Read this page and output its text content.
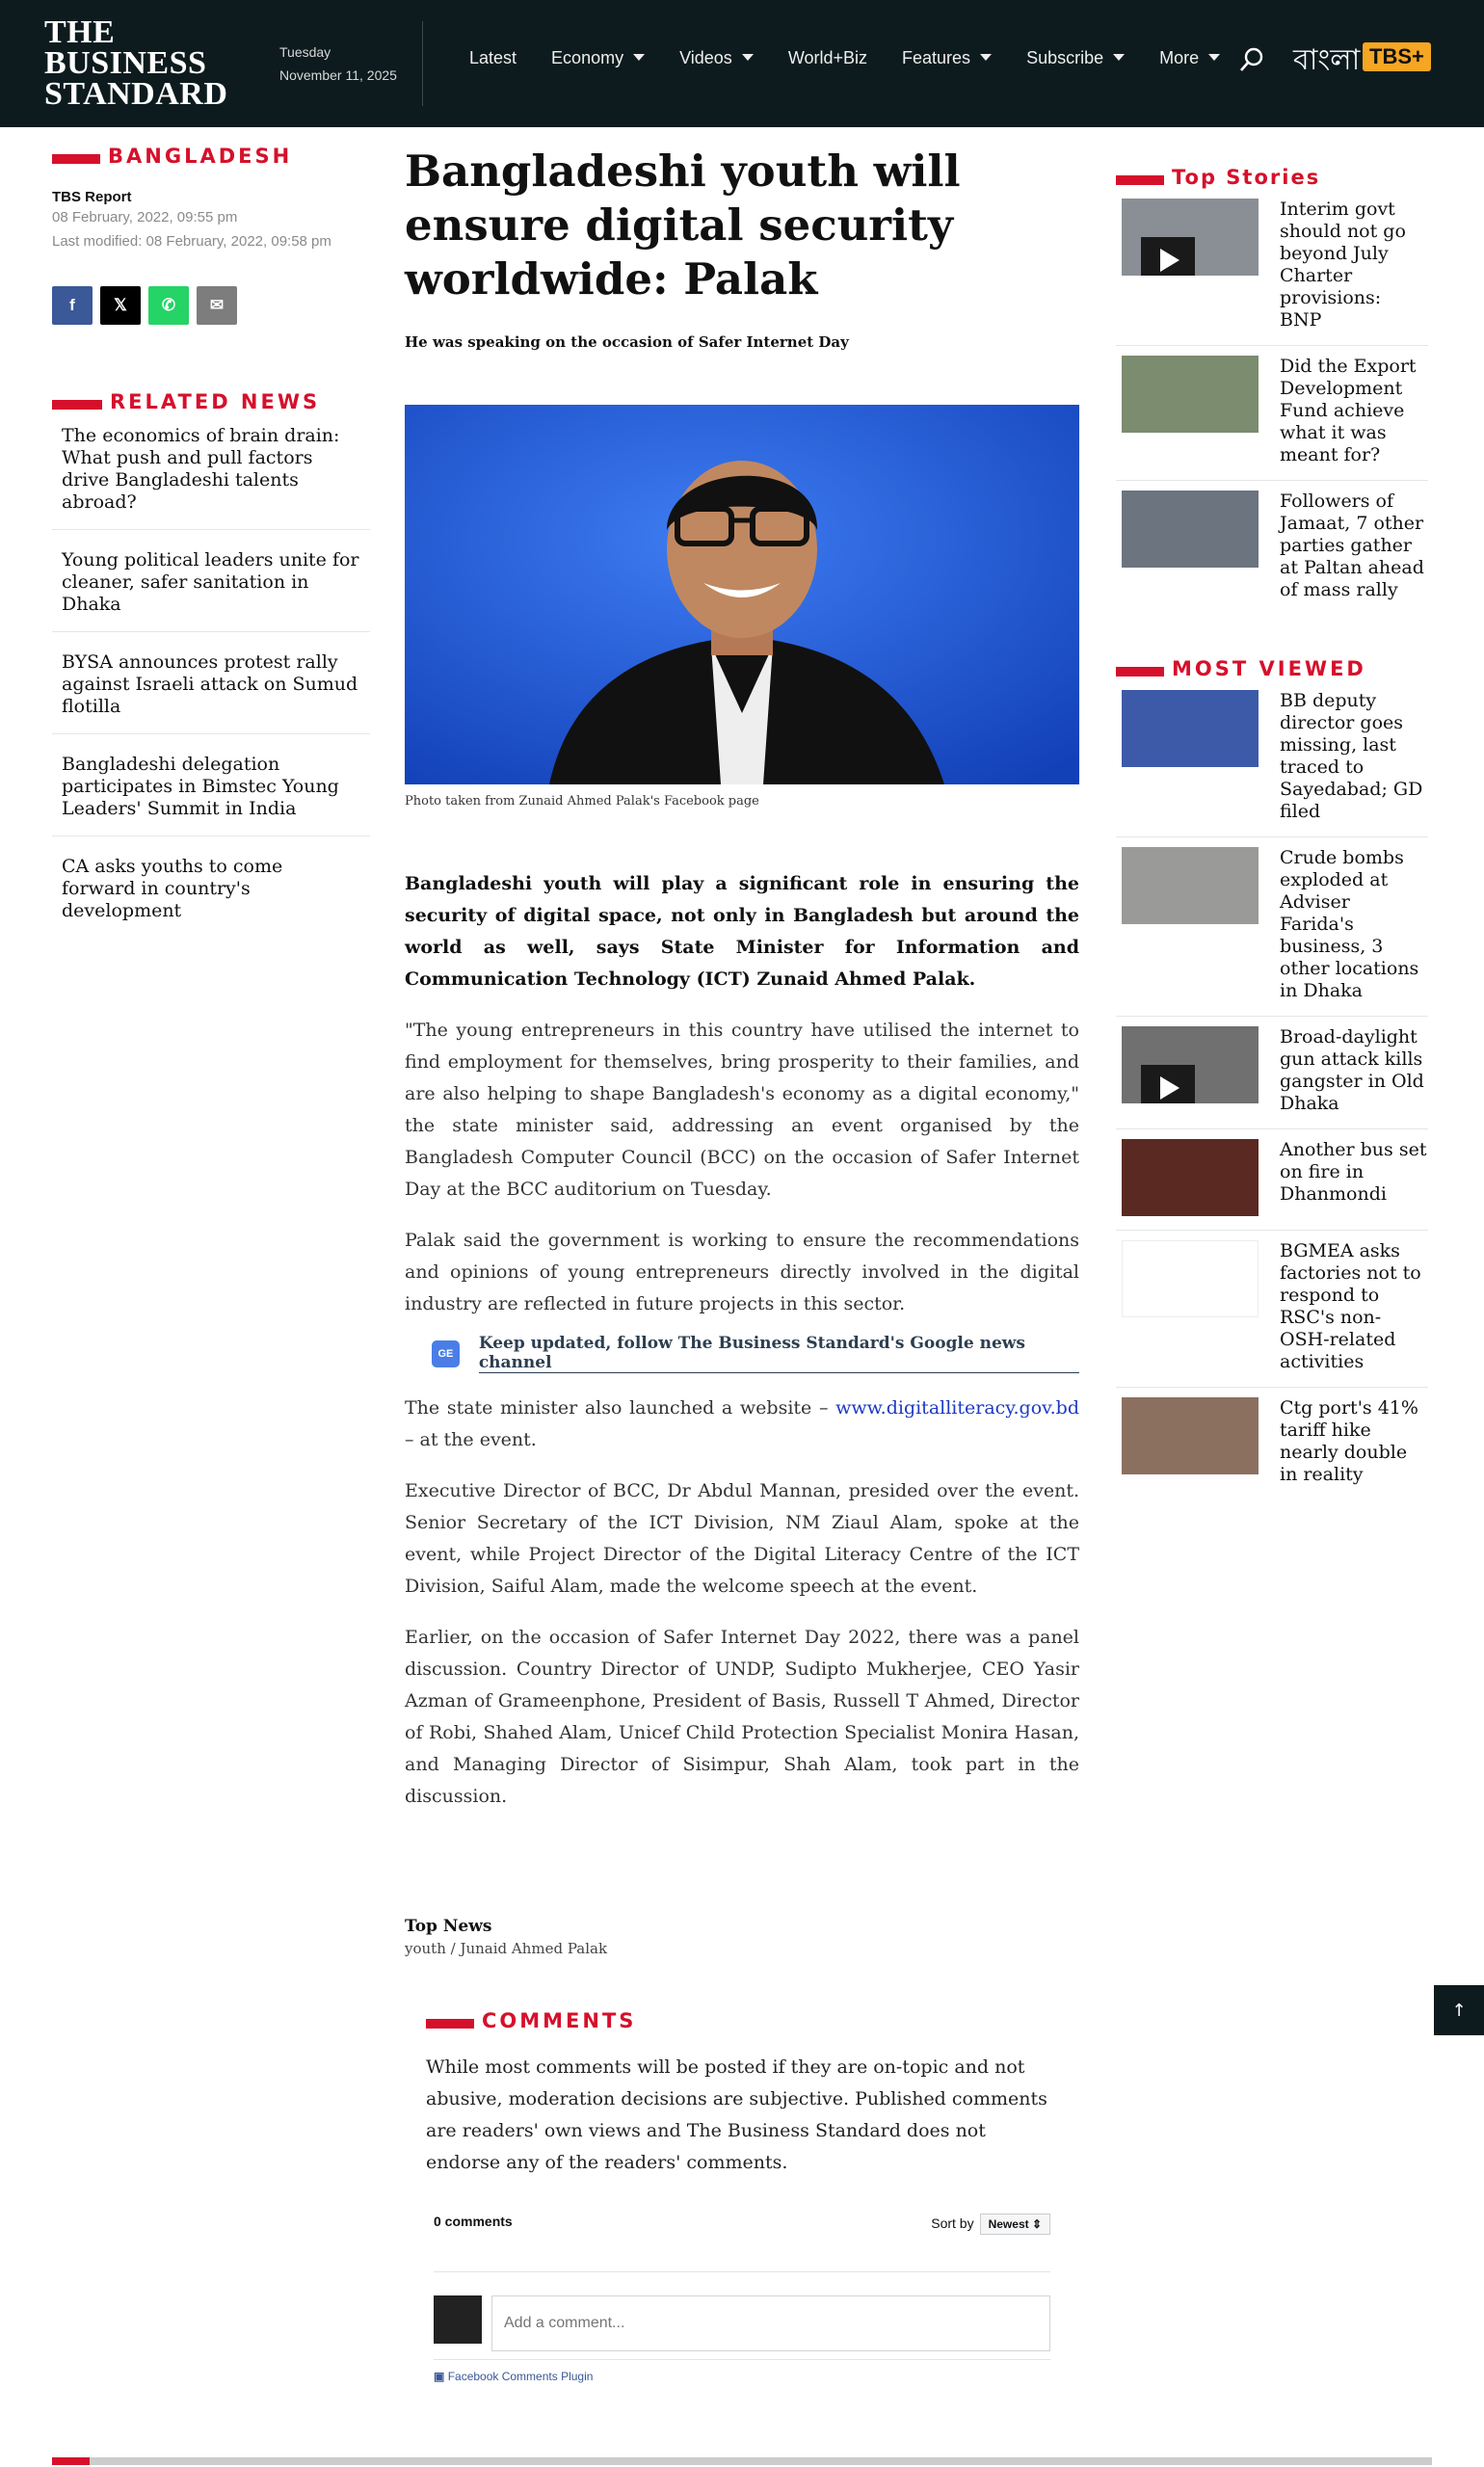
THE
BUSINESS
STANDARD
Tuesday
November 11, 2025
Latest Economy	Videos	World+Biz Features	Subscribe	More	বাংলা TBS+
BANGLADESH
TBS Report
08 February, 2022, 09:55 pm
Last modified: 08 February, 2022, 09:58 pm
f	𝕏	✆	✉
RELATED NEWS
The economics of brain drain: What push and pull factors drive Bangladeshi talents abroad?
Young political leaders unite for cleaner, safer sanitation in Dhaka
BYSA announces protest rally against Israeli attack on Sumud flotilla
Bangladeshi delegation participates in Bimstec Young Leaders' Summit in India
CA asks youths to come forward in country's development
Bangladeshi youth will ensure digital security worldwide: Palak
He was speaking on the occasion of Safer Internet Day
Photo taken from Zunaid Ahmed Palak's Facebook page
Bangladeshi youth will play a significant role in ensuring the security of digital space, not only in Bangladesh but around the world as well, says State Minister for Information and Communication Technology (ICT) Zunaid Ahmed Palak.
"The young entrepreneurs in this country have utilised the internet to find employment for themselves, bring prosperity to their families, and are also helping to shape Bangladesh's economy as a digital economy," the state minister said, addressing an event organised by the Bangladesh Computer Council (BCC) on the occasion of Safer Internet Day at the BCC auditorium on Tuesday.
Palak said the government is working to ensure the recommendations and opinions of young entrepreneurs directly involved in the digital industry are reflected in future projects in this sector.
GE
Keep updated, follow The Business Standard's Google news channel
The state minister also launched a website – www.digitalliteracy.gov.bd – at the event.
Executive Director of BCC, Dr Abdul Mannan, presided over the event. Senior Secretary of the ICT Division, NM Ziaul Alam, spoke at the event, while Project Director of the Digital Literacy Centre of the ICT Division, Saiful Alam, made the welcome speech at the event.
Earlier, on the occasion of Safer Internet Day 2022, there was a panel discussion. Country Director of UNDP, Sudipto Mukherjee, CEO Yasir Azman of Grameenphone, President of Basis, Russell T Ahmed, Director of Robi, Shahed Alam, Unicef Child Protection Specialist Monira Hasan, and Managing Director of Sisimpur, Shah Alam, took part in the discussion.
Top News
youth / Junaid Ahmed Palak
COMMENTS
While most comments will be posted if they are on-topic and not abusive, moderation decisions are subjective. Published comments are readers' own views and The Business Standard does not endorse any of the readers' comments.
0 comments	Sort by Newest ⇕
Add a comment...
▣ Facebook Comments Plugin
Top Stories
Interim govt should not go beyond July Charter provisions: BNP
Did the Export Development Fund achieve what it was meant for?
Followers of Jamaat, 7 other parties gather at Paltan ahead of mass rally
MOST VIEWED
BB deputy director goes missing, last traced to Sayedabad; GD filed
Crude bombs exploded at Adviser Farida's business, 3 other locations in Dhaka
Broad-daylight gun attack kills gangster in Old Dhaka
Another bus set on fire in Dhanmondi
BGMEA asks factories not to respond to RSC's non-OSH-related activities
Ctg port's 41% tariff hike nearly double in reality
↑
